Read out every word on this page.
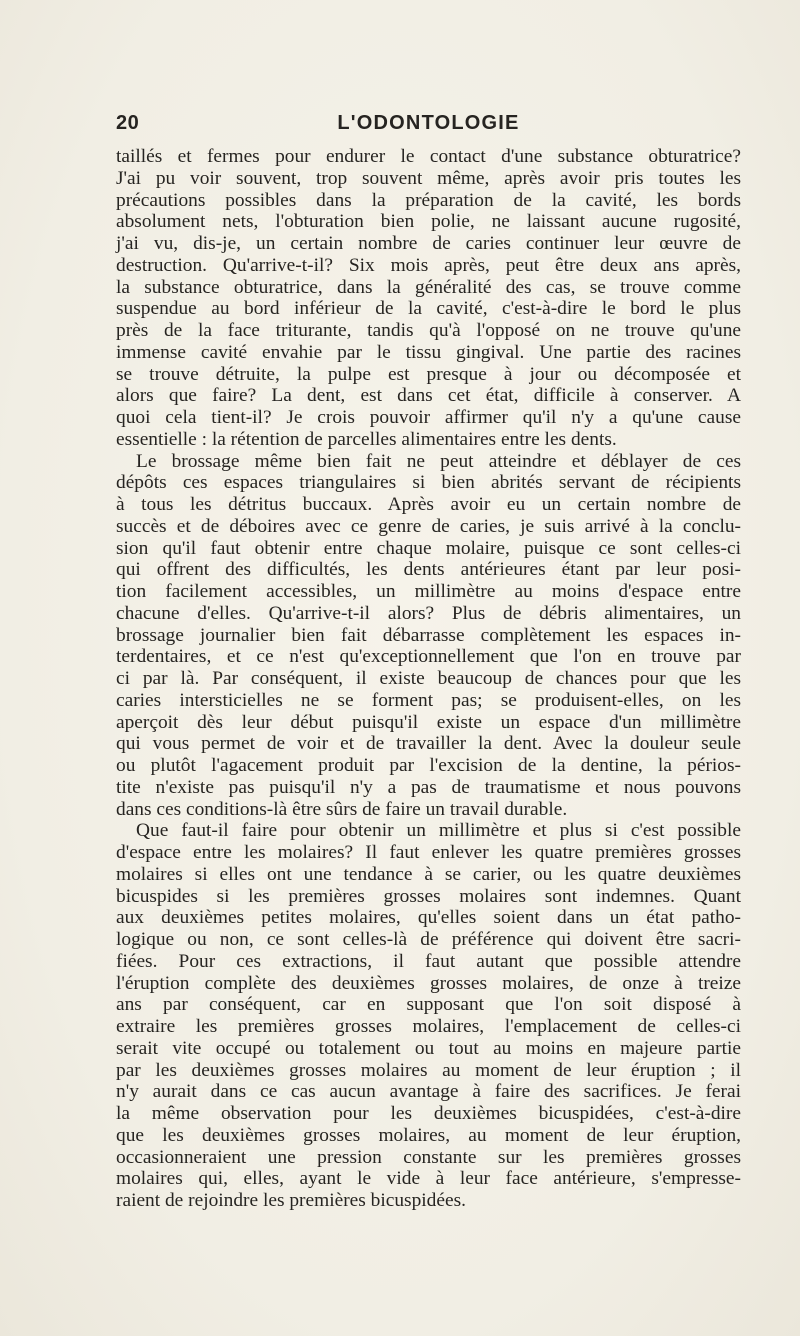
20	L'ODONTOLOGIE
taillés et fermes pour endurer le contact d'une substance obturatrice?
J'ai pu voir souvent, trop souvent même, après avoir pris toutes les
précautions possibles dans la préparation de la cavité, les bords
absolument nets, l'obturation bien polie, ne laissant aucune rugosité,
j'ai vu, dis-je, un certain nombre de caries continuer leur œuvre de
destruction. Qu'arrive-t-il? Six mois après, peut être deux ans après,
la substance obturatrice, dans la généralité des cas, se trouve comme
suspendue au bord inférieur de la cavité, c'est-à-dire le bord le plus
près de la face triturante, tandis qu'à l'opposé on ne trouve qu'une
immense cavité envahie par le tissu gingival. Une partie des racines
se trouve détruite, la pulpe est presque à jour ou décomposée et
alors que faire? La dent, est dans cet état, difficile à conserver. A
quoi cela tient-il? Je crois pouvoir affirmer qu'il n'y a qu'une cause
essentielle : la rétention de parcelles alimentaires entre les dents.
Le brossage même bien fait ne peut atteindre et déblayer de ces
dépôts ces espaces triangulaires si bien abrités servant de récipients
à tous les détritus buccaux. Après avoir eu un certain nombre de
succès et de déboires avec ce genre de caries, je suis arrivé à la conclu-
sion qu'il faut obtenir entre chaque molaire, puisque ce sont celles-ci
qui offrent des difficultés, les dents antérieures étant par leur posi-
tion facilement accessibles, un millimètre au moins d'espace entre
chacune d'elles. Qu'arrive-t-il alors? Plus de débris alimentaires, un
brossage journalier bien fait débarrasse complètement les espaces in-
terdentaires, et ce n'est qu'exceptionnellement que l'on en trouve par
ci par là. Par conséquent, il existe beaucoup de chances pour que les
caries intersticielles ne se forment pas; se produisent-elles, on les
aperçoit dès leur début puisqu'il existe un espace d'un millimètre
qui vous permet de voir et de travailler la dent. Avec la douleur seule
ou plutôt l'agacement produit par l'excision de la dentine, la périos-
tite n'existe pas puisqu'il n'y a pas de traumatisme et nous pouvons
dans ces conditions-là être sûrs de faire un travail durable.
Que faut-il faire pour obtenir un millimètre et plus si c'est possible
d'espace entre les molaires? Il faut enlever les quatre premières grosses
molaires si elles ont une tendance à se carier, ou les quatre deuxièmes
bicuspides si les premières grosses molaires sont indemnes. Quant
aux deuxièmes petites molaires, qu'elles soient dans un état patho-
logique ou non, ce sont celles-là de préférence qui doivent être sacri-
fiées. Pour ces extractions, il faut autant que possible attendre
l'éruption complète des deuxièmes grosses molaires, de onze à treize
ans par conséquent, car en supposant que l'on soit disposé à
extraire les premières grosses molaires, l'emplacement de celles-ci
serait vite occupé ou totalement ou tout au moins en majeure partie
par les deuxièmes grosses molaires au moment de leur éruption ; il
n'y aurait dans ce cas aucun avantage à faire des sacrifices. Je ferai
la même observation pour les deuxièmes bicuspidées, c'est-à-dire
que les deuxièmes grosses molaires, au moment de leur éruption,
occasionneraient une pression constante sur les premières grosses
molaires qui, elles, ayant le vide à leur face antérieure, s'empresse-
raient de rejoindre les premières bicuspidées.
